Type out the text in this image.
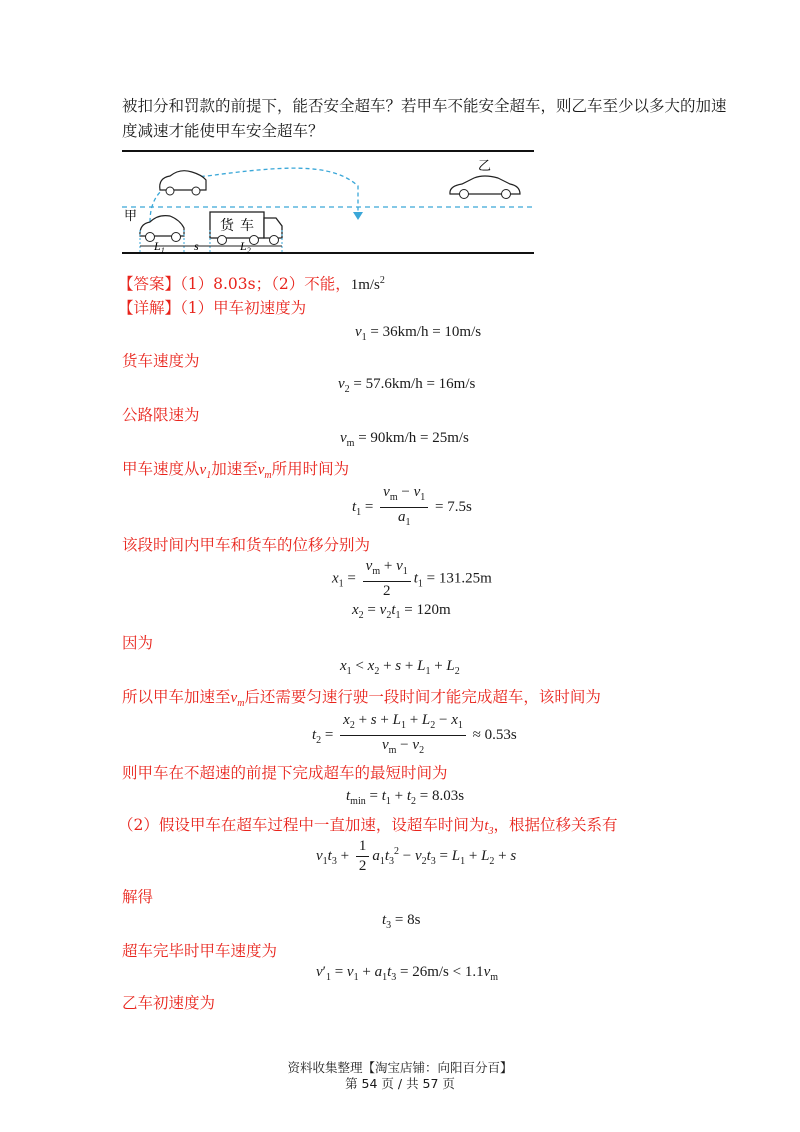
被扣分和罚款的前提下，能否安全超车？若甲车不能安全超车，则乙车至少以多大的加速
度减速才能使甲车安全超车？
货 车
甲
乙
$L_1$ s	$L_2$
【答案】（1）8.03s；（2）不能，$1m/s^2$
【详解】（1）甲车初速度为
$v_1 = 36km/h = 10m/s$
货车速度为
$v_2 = 57.6km/h = 16m/s$
公路限速为
$v_m = 90km/h = 25m/s$
甲车速度从$v_1$加速至$v_m$所用时间为
$t_1 = \frac{v_m - v_1}{a_1} = 7.5s$
该段时间内甲车和货车的位移分别为
$x_1 = \frac{v_m + v_1}{2} t_1 = 131.25m$
$x_2 = v_2t_1 = 120m$
因为
$x_1 < x_2 + s + L_1 + L_2$
所以甲车加速至$v_m$后还需要匀速行驶一段时间才能完成超车，该时间为
$t_2 = \frac{x_2 + s + L_1 + L_2 - x_1}{v_m - v_2} \approx 0.53s$
则甲车在不超速的前提下完成超车的最短时间为
$t_{min} = t_1 + t_2 = 8.03s$
（2）假设甲车在超车过程中一直加速，设超车时间为$t_3$，根据位移关系有
$v_1t_3 + \frac{1}{2} a_1t_3^2 - v_2t_3 = L_1 + L_2 + s$
解得
$t_3 = 8s$
超车完毕时甲车速度为
$v'_1 = v_1 + a_1t_3 = 26m/s < 1.1v_m$
乙车初速度为
资料收集整理【淘宝店铺：向阳百分百】
第 54 页 / 共 57 页
